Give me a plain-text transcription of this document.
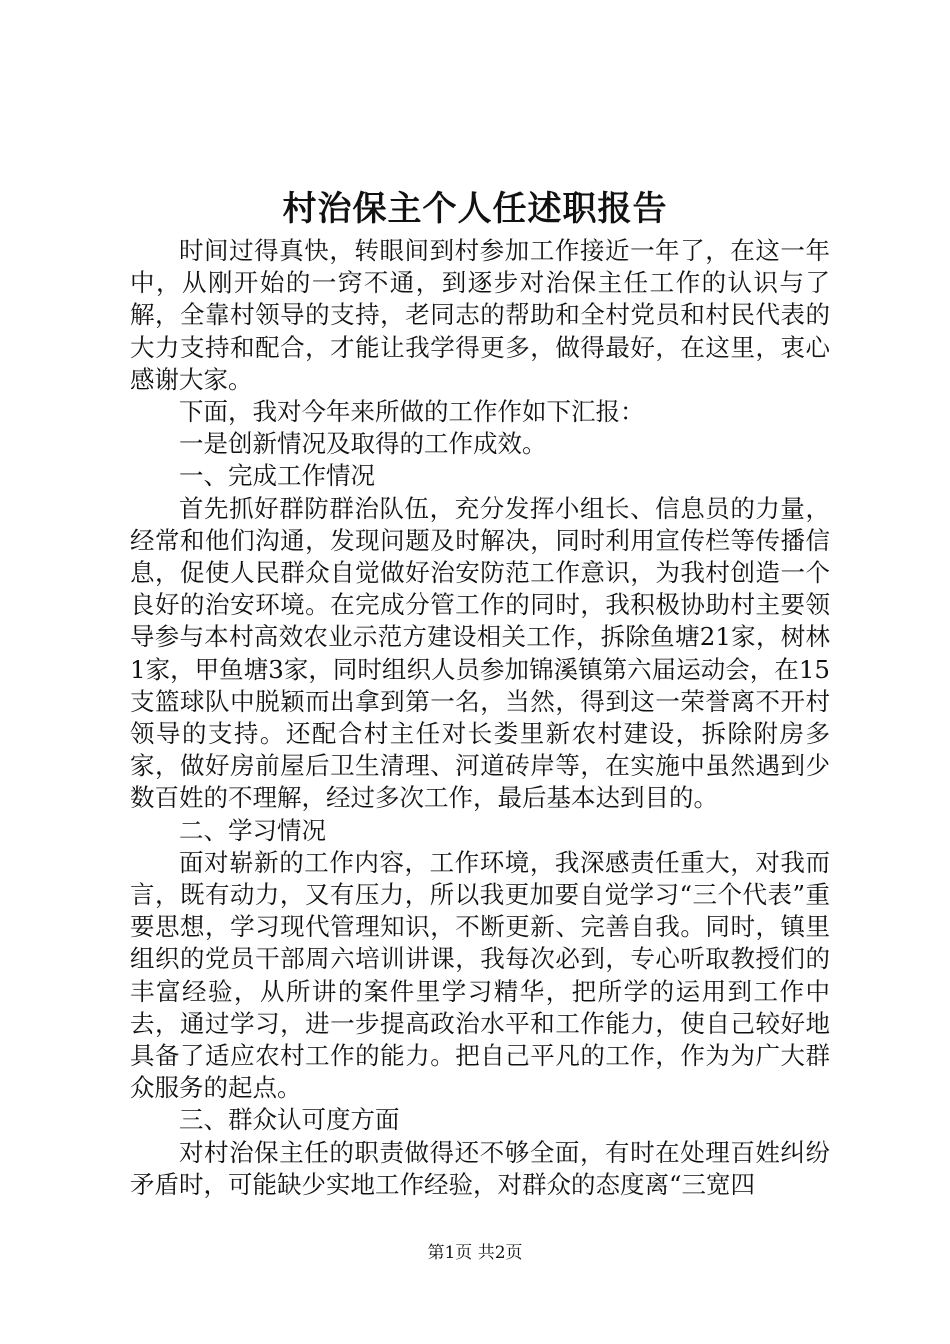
村治保主个人任述职报告

时间过得真快，转眼间到村参加工作接近一年了，在这一年中，从刚开始的一窍不通，到逐步对治保主任工作的认识与了解，全靠村领导的支持，老同志的帮助和全村党员和村民代表的大力支持和配合，才能让我学得更多，做得最好，在这里，衷心感谢大家。

下面，我对今年来所做的工作作如下汇报：

一是创新情况及取得的工作成效。

一、完成工作情况

首先抓好群防群治队伍，充分发挥小组长、信息员的力量，经常和他们沟通，发现问题及时解决，同时利用宣传栏等传播信息，促使人民群众自觉做好治安防范工作意识，为我村创造一个良好的治安环境。在完成分管工作的同时，我积极协助村主要领导参与本村高效农业示范方建设相关工作，拆除鱼塘21家，树林1家，甲鱼塘3家，同时组织人员参加锦溪镇第六届运动会，在15支篮球队中脱颖而出拿到第一名，当然，得到这一荣誉离不开村领导的支持。还配合村主任对长娄里新农村建设，拆除附房多家，做好房前屋后卫生清理、河道砖岸等，在实施中虽然遇到少数百姓的不理解，经过多次工作，最后基本达到目的。

二、学习情况

面对崭新的工作内容，工作环境，我深感责任重大，对我而言，既有动力，又有压力，所以我更加要自觉学习“三个代表”重要思想，学习现代管理知识，不断更新、完善自我。同时，镇里组织的党员干部周六培训讲课，我每次必到，专心听取教授们的丰富经验，从所讲的案件里学习精华，把所学的运用到工作中去，通过学习，进一步提高政治水平和工作能力，使自己较好地具备了适应农村工作的能力。把自己平凡的工作，作为为广大群众服务的起点。

三、群众认可度方面

对村治保主任的职责做得还不够全面，有时在处理百姓纠纷矛盾时，可能缺少实地工作经验，对群众的态度离“三宽四

第1页 共2页
